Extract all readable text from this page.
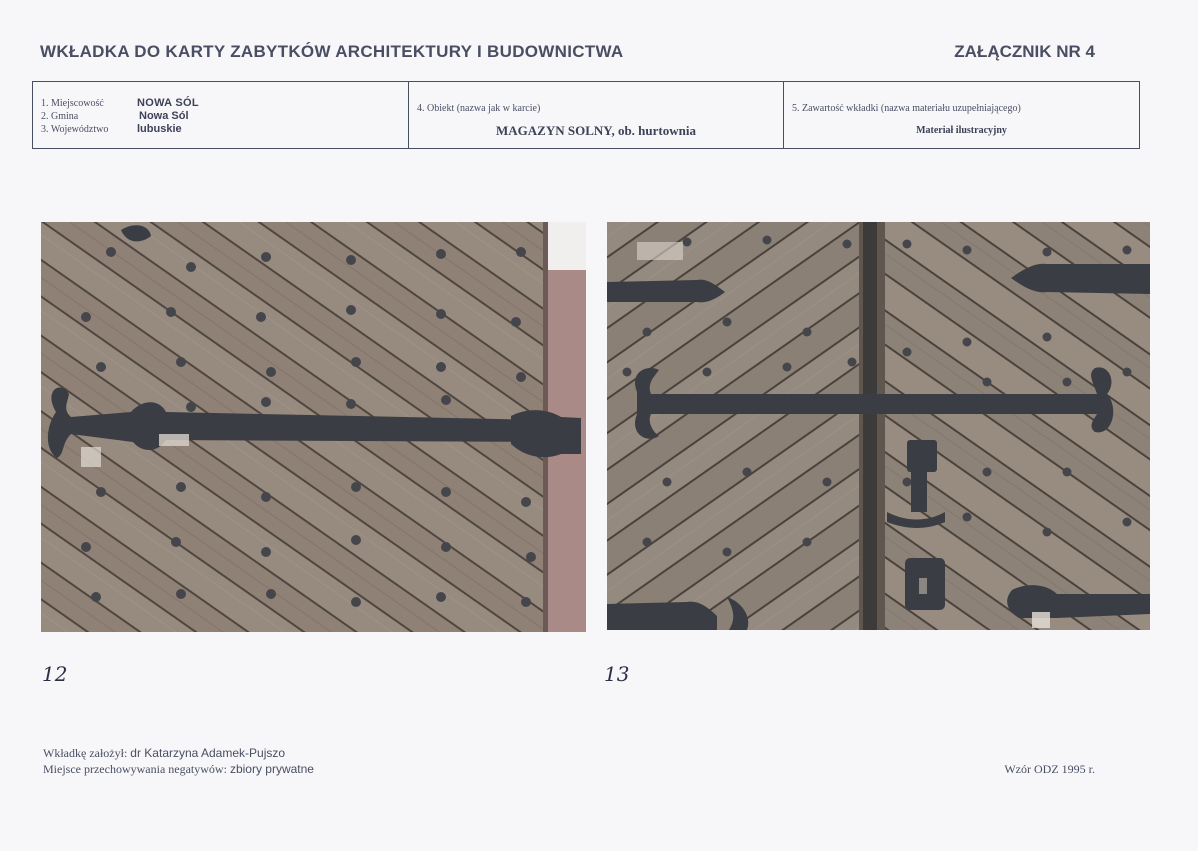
WKŁADKA DO KARTY ZABYTKÓW ARCHITEKTURY I BUDOWNICTWA	ZAŁĄCZNIK NR 4
1. Miejscowość	NOWA SÓL
2. Gmina	Nowa Sól
3. Województwo	lubuskie
4. Obiekt (nazwa jak w karcie)
MAGAZYN SOLNY, ob. hurtownia
5. Zawartość wkładki (nazwa materiału uzupełniającego)
Materiał ilustracyjny
12	13
Wkładkę założył: dr Katarzyna Adamek-Pujszo
Miejsce przechowywania negatywów: zbiory prywatne	Wzór ODZ 1995 r.
